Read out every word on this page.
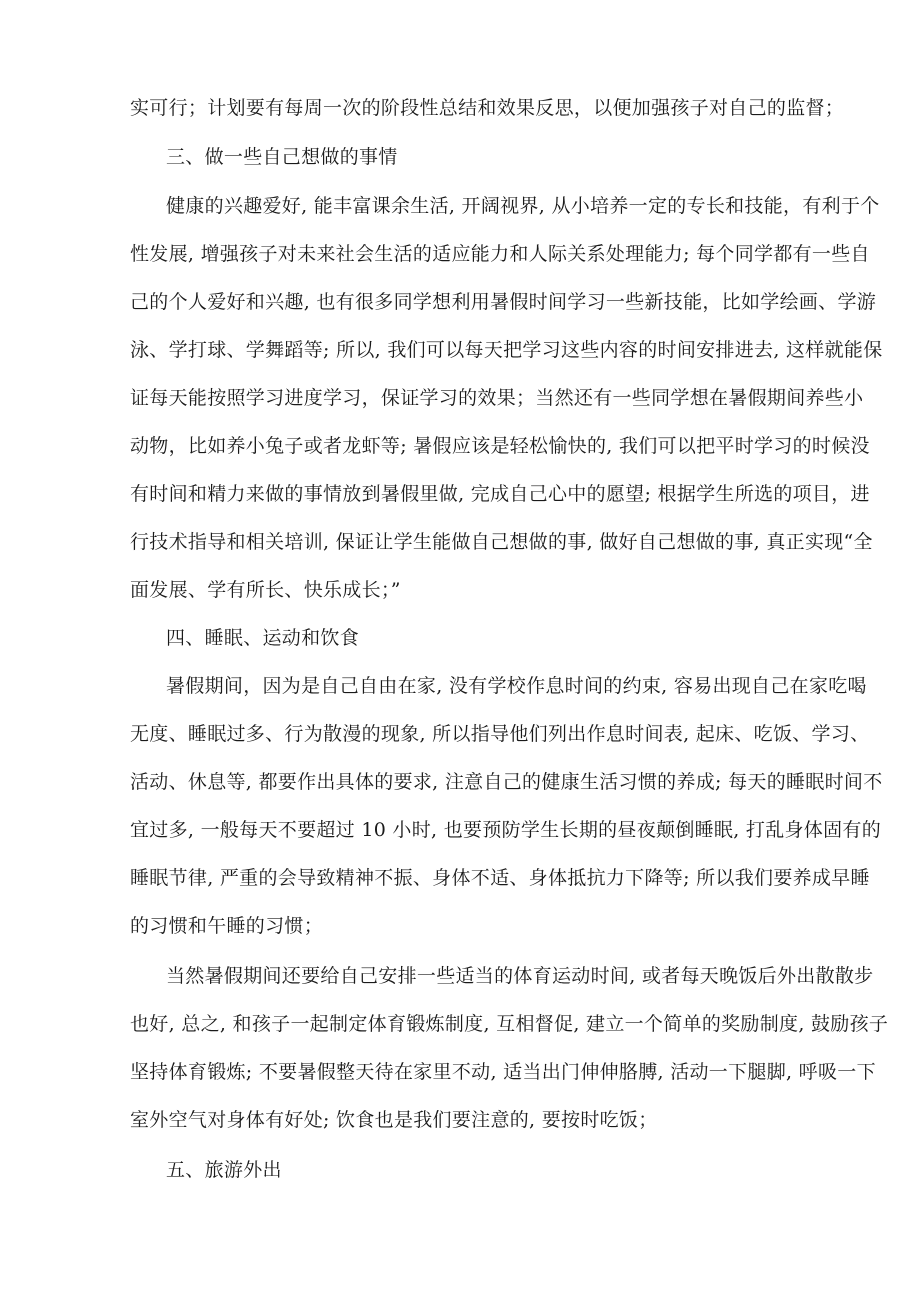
实可行；计划要有每周一次的阶段性总结和效果反思，以便加强孩子对自己的监督；
三、做一些自己想做的事情
健康的兴趣爱好, 能丰富课余生活, 开阔视界, 从小培养一定的专长和技能，有利于个
性发展, 增强孩子对未来社会生活的适应能力和人际关系处理能力; 每个同学都有一些自
己的个人爱好和兴趣, 也有很多同学想利用暑假时间学习一些新技能，比如学绘画、学游
泳、学打球、学舞蹈等; 所以, 我们可以每天把学习这些内容的时间安排进去, 这样就能保
证每天能按照学习进度学习，保证学习的效果；当然还有一些同学想在暑假期间养些小
动物，比如养小兔子或者龙虾等; 暑假应该是轻松愉快的, 我们可以把平时学习的时候没
有时间和精力来做的事情放到暑假里做, 完成自己心中的愿望; 根据学生所选的项目，进
行技术指导和相关培训, 保证让学生能做自己想做的事, 做好自己想做的事, 真正实现“全
面发展、学有所长、快乐成长；”
四、睡眠、运动和饮食
暑假期间，因为是自己自由在家, 没有学校作息时间的约束, 容易出现自己在家吃喝
无度、睡眠过多、行为散漫的现象, 所以指导他们列出作息时间表, 起床、吃饭、学习、
活动、休息等, 都要作出具体的要求, 注意自己的健康生活习惯的养成; 每天的睡眠时间不
宜过多, 一般每天不要超过 10 小时, 也要预防学生长期的昼夜颠倒睡眠, 打乱身体固有的
睡眠节律, 严重的会导致精神不振、身体不适、身体抵抗力下降等; 所以我们要养成早睡
的习惯和午睡的习惯；
当然暑假期间还要给自己安排一些适当的体育运动时间, 或者每天晚饭后外出散散步
也好, 总之, 和孩子一起制定体育锻炼制度, 互相督促, 建立一个简单的奖励制度, 鼓励孩子
坚持体育锻炼; 不要暑假整天待在家里不动, 适当出门伸伸胳膊, 活动一下腿脚, 呼吸一下
室外空气对身体有好处; 饮食也是我们要注意的, 要按时吃饭；
五、旅游外出
